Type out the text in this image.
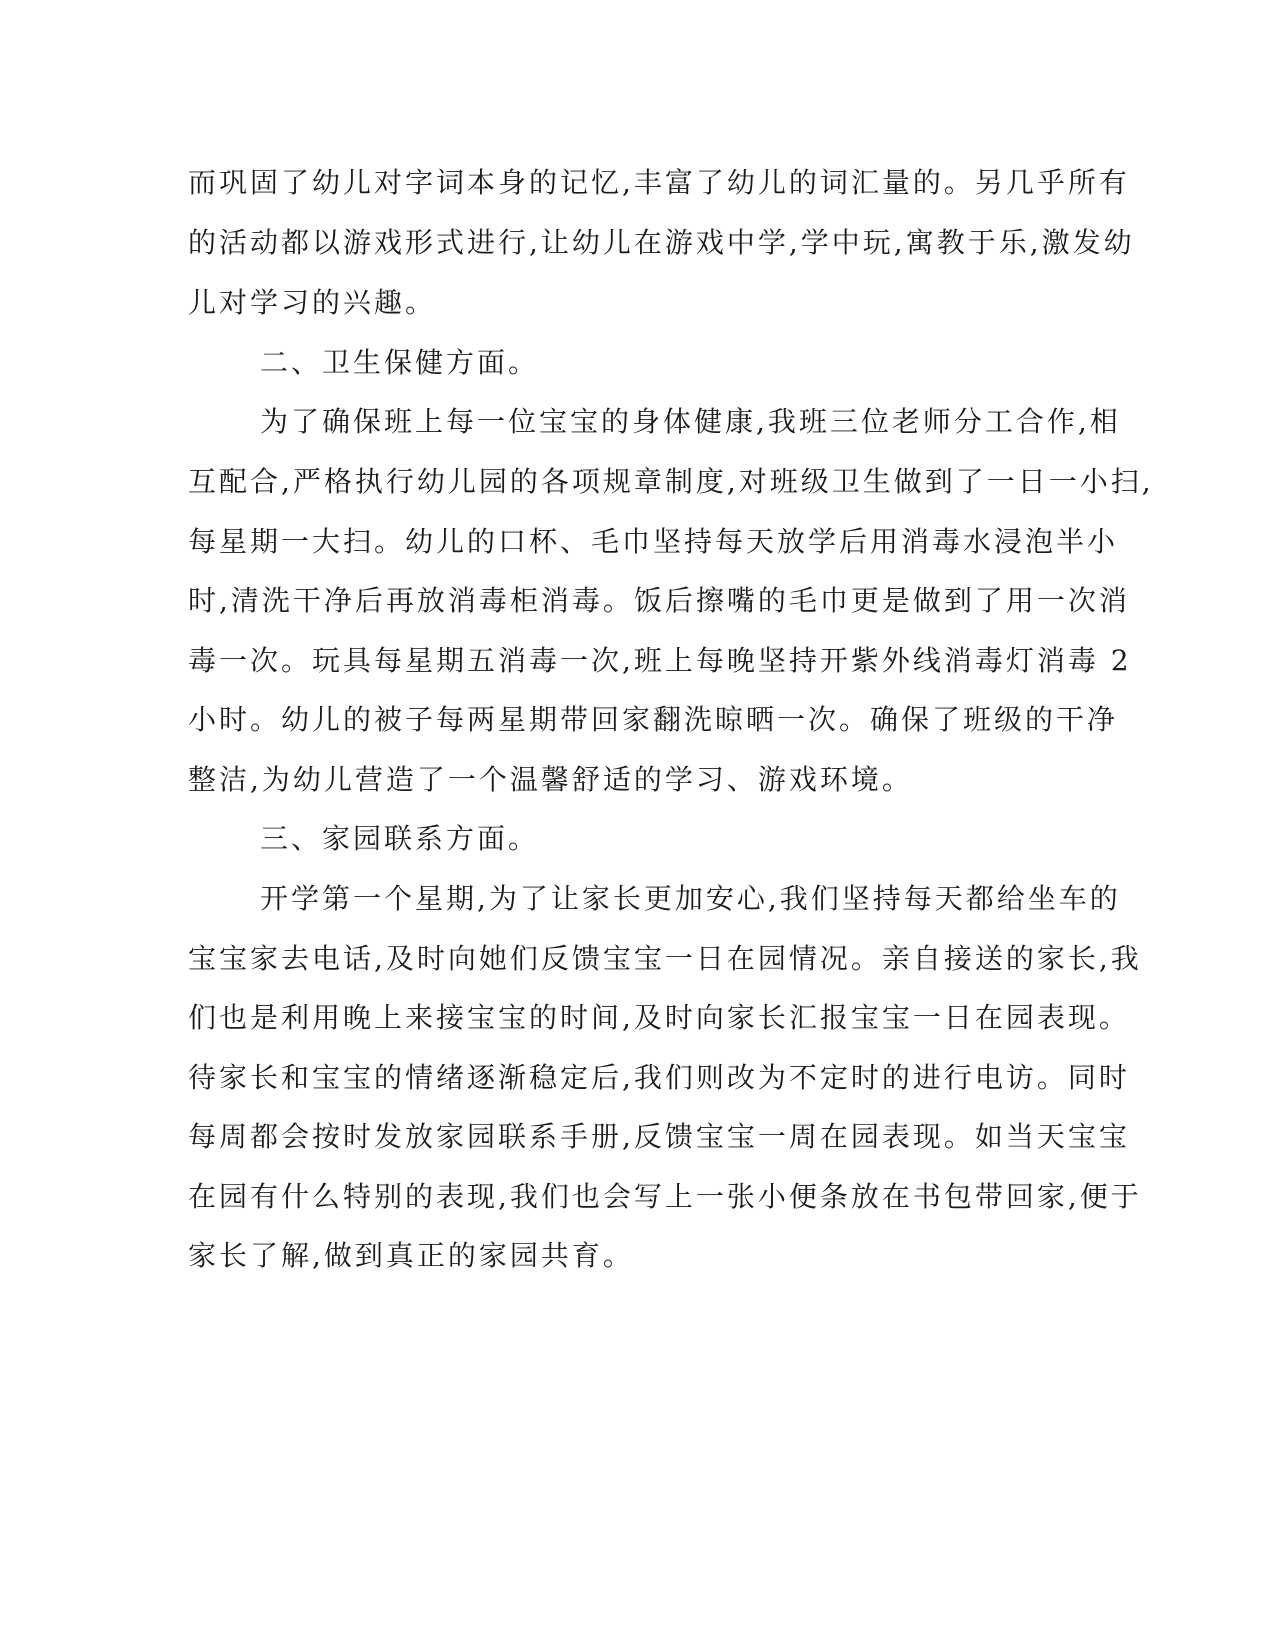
而巩固了幼儿对字词本身的记忆,丰富了幼儿的词汇量的。另几乎所有
的活动都以游戏形式进行,让幼儿在游戏中学,学中玩,寓教于乐,激发幼
儿对学习的兴趣。
二、卫生保健方面。
为了确保班上每一位宝宝的身体健康,我班三位老师分工合作,相
互配合,严格执行幼儿园的各项规章制度,对班级卫生做到了一日一小扫,
每星期一大扫。幼儿的口杯、毛巾坚持每天放学后用消毒水浸泡半小
时,清洗干净后再放消毒柜消毒。饭后擦嘴的毛巾更是做到了用一次消
毒一次。玩具每星期五消毒一次,班上每晚坚持开紫外线消毒灯消毒 2
小时。幼儿的被子每两星期带回家翻洗晾晒一次。确保了班级的干净
整洁,为幼儿营造了一个温馨舒适的学习、游戏环境。
三、家园联系方面。
开学第一个星期,为了让家长更加安心,我们坚持每天都给坐车的
宝宝家去电话,及时向她们反馈宝宝一日在园情况。亲自接送的家长,我
们也是利用晚上来接宝宝的时间,及时向家长汇报宝宝一日在园表现。
待家长和宝宝的情绪逐渐稳定后,我们则改为不定时的进行电访。同时
每周都会按时发放家园联系手册,反馈宝宝一周在园表现。如当天宝宝
在园有什么特别的表现,我们也会写上一张小便条放在书包带回家,便于
家长了解,做到真正的家园共育。
